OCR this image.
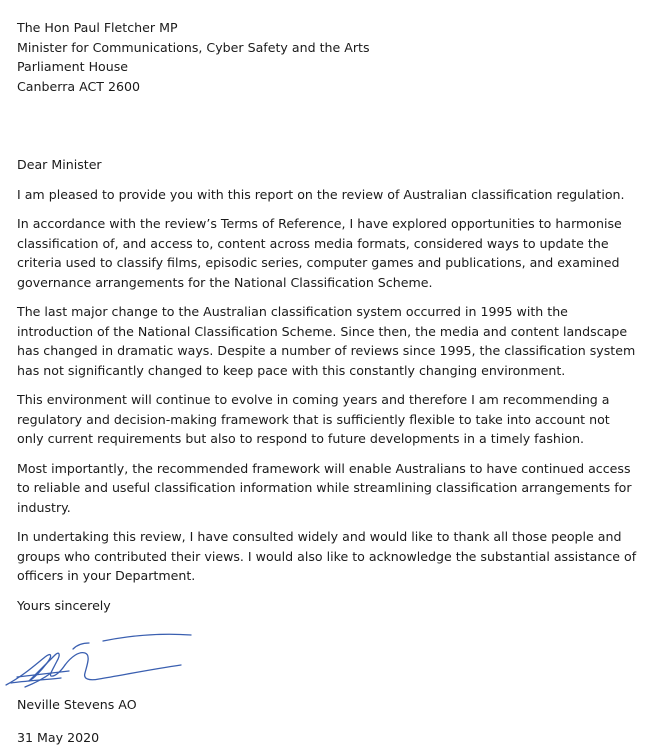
The Hon Paul Fletcher MP
Minister for Communications, Cyber Safety and the Arts
Parliament House
Canberra ACT 2600
Dear Minister

I am pleased to provide you with this report on the review of Australian classification regulation.

In accordance with the review’s Terms of Reference, I have explored opportunities to harmonise classification of, and access to, content across media formats, considered ways to update the criteria used to classify films, episodic series, computer games and publications, and examined governance arrangements for the National Classification Scheme.

The last major change to the Australian classification system occurred in 1995 with the introduction of the National Classification Scheme. Since then, the media and content landscape has changed in dramatic ways. Despite a number of reviews since 1995, the classification system has not significantly changed to keep pace with this constantly changing environment.

This environment will continue to evolve in coming years and therefore I am recommending a regulatory and decision-making framework that is sufficiently flexible to take into account not only current requirements but also to respond to future developments in a timely fashion.

Most importantly, the recommended framework will enable Australians to have continued access to reliable and useful classification information while streamlining classification arrangements for industry.

In undertaking this review, I have consulted widely and would like to thank all those people and groups who contributed their views. I would also like to acknowledge the substantial assistance of officers in your Department.

Yours sincerely
Neville Stevens AO
31 May 2020
